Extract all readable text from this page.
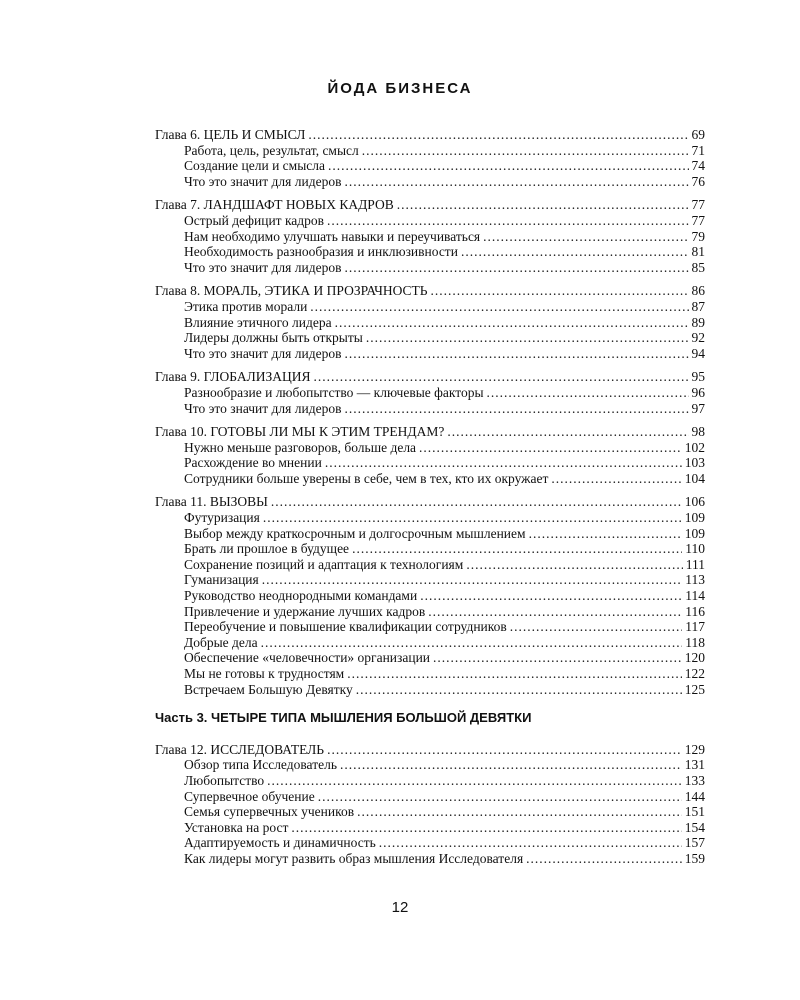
ЙОДА БИЗНЕСА
Глава 6. ЦЕЛЬ И СМЫСЛ .....	69
Работа, цель, результат, смысл .....	71
Создание цели и смысла .....	74
Что это значит для лидеров .....	76
Глава 7. ЛАНДШАФТ НОВЫХ КАДРОВ .....	77
Острый дефицит кадров .....	77
Нам необходимо улучшать навыки и переучиваться .....	79
Необходимость разнообразия и инклюзивности .....	81
Что это значит для лидеров .....	85
Глава 8. МОРАЛЬ, ЭТИКА И ПРОЗРАЧНОСТЬ .....	86
Этика против морали .....	87
Влияние этичного лидера .....	89
Лидеры должны быть открыты .....	92
Что это значит для лидеров .....	94
Глава 9. ГЛОБАЛИЗАЦИЯ .....	95
Разнообразие и любопытство — ключевые факторы .....	96
Что это значит для лидеров .....	97
Глава 10. ГОТОВЫ ЛИ МЫ К ЭТИМ ТРЕНДАМ? .....	98
Нужно меньше разговоров, больше дела .....	102
Расхождение во мнении .....	103
Сотрудники больше уверены в себе, чем в тех, кто их окружает .....	104
Глава 11. ВЫЗОВЫ .....	106
Футуризация .....	109
Выбор между краткосрочным и долгосрочным мышлением .....	109
Брать ли прошлое в будущее .....	110
Сохранение позиций и адаптация к технологиям .....	111
Гуманизация .....	113
Руководство неоднородными командами .....	114
Привлечение и удержание лучших кадров .....	116
Переобучение и повышение квалификации сотрудников .....	117
Добрые дела .....	118
Обеспечение «человечности» организации .....	120
Мы не готовы к трудностям .....	122
Встречаем Большую Девятку .....	125
Часть 3. ЧЕТЫРЕ ТИПА МЫШЛЕНИЯ БОЛЬШОЙ ДЕВЯТКИ
Глава 12. ИССЛЕДОВАТЕЛЬ .....	129
Обзор типа Исследователь .....	131
Любопытство .....	133
Супервечное обучение .....	144
Семья супервечных учеников .....	151
Установка на рост .....	154
Адаптируемость и динамичность .....	157
Как лидеры могут развить образ мышления Исследователя .....	159
12
